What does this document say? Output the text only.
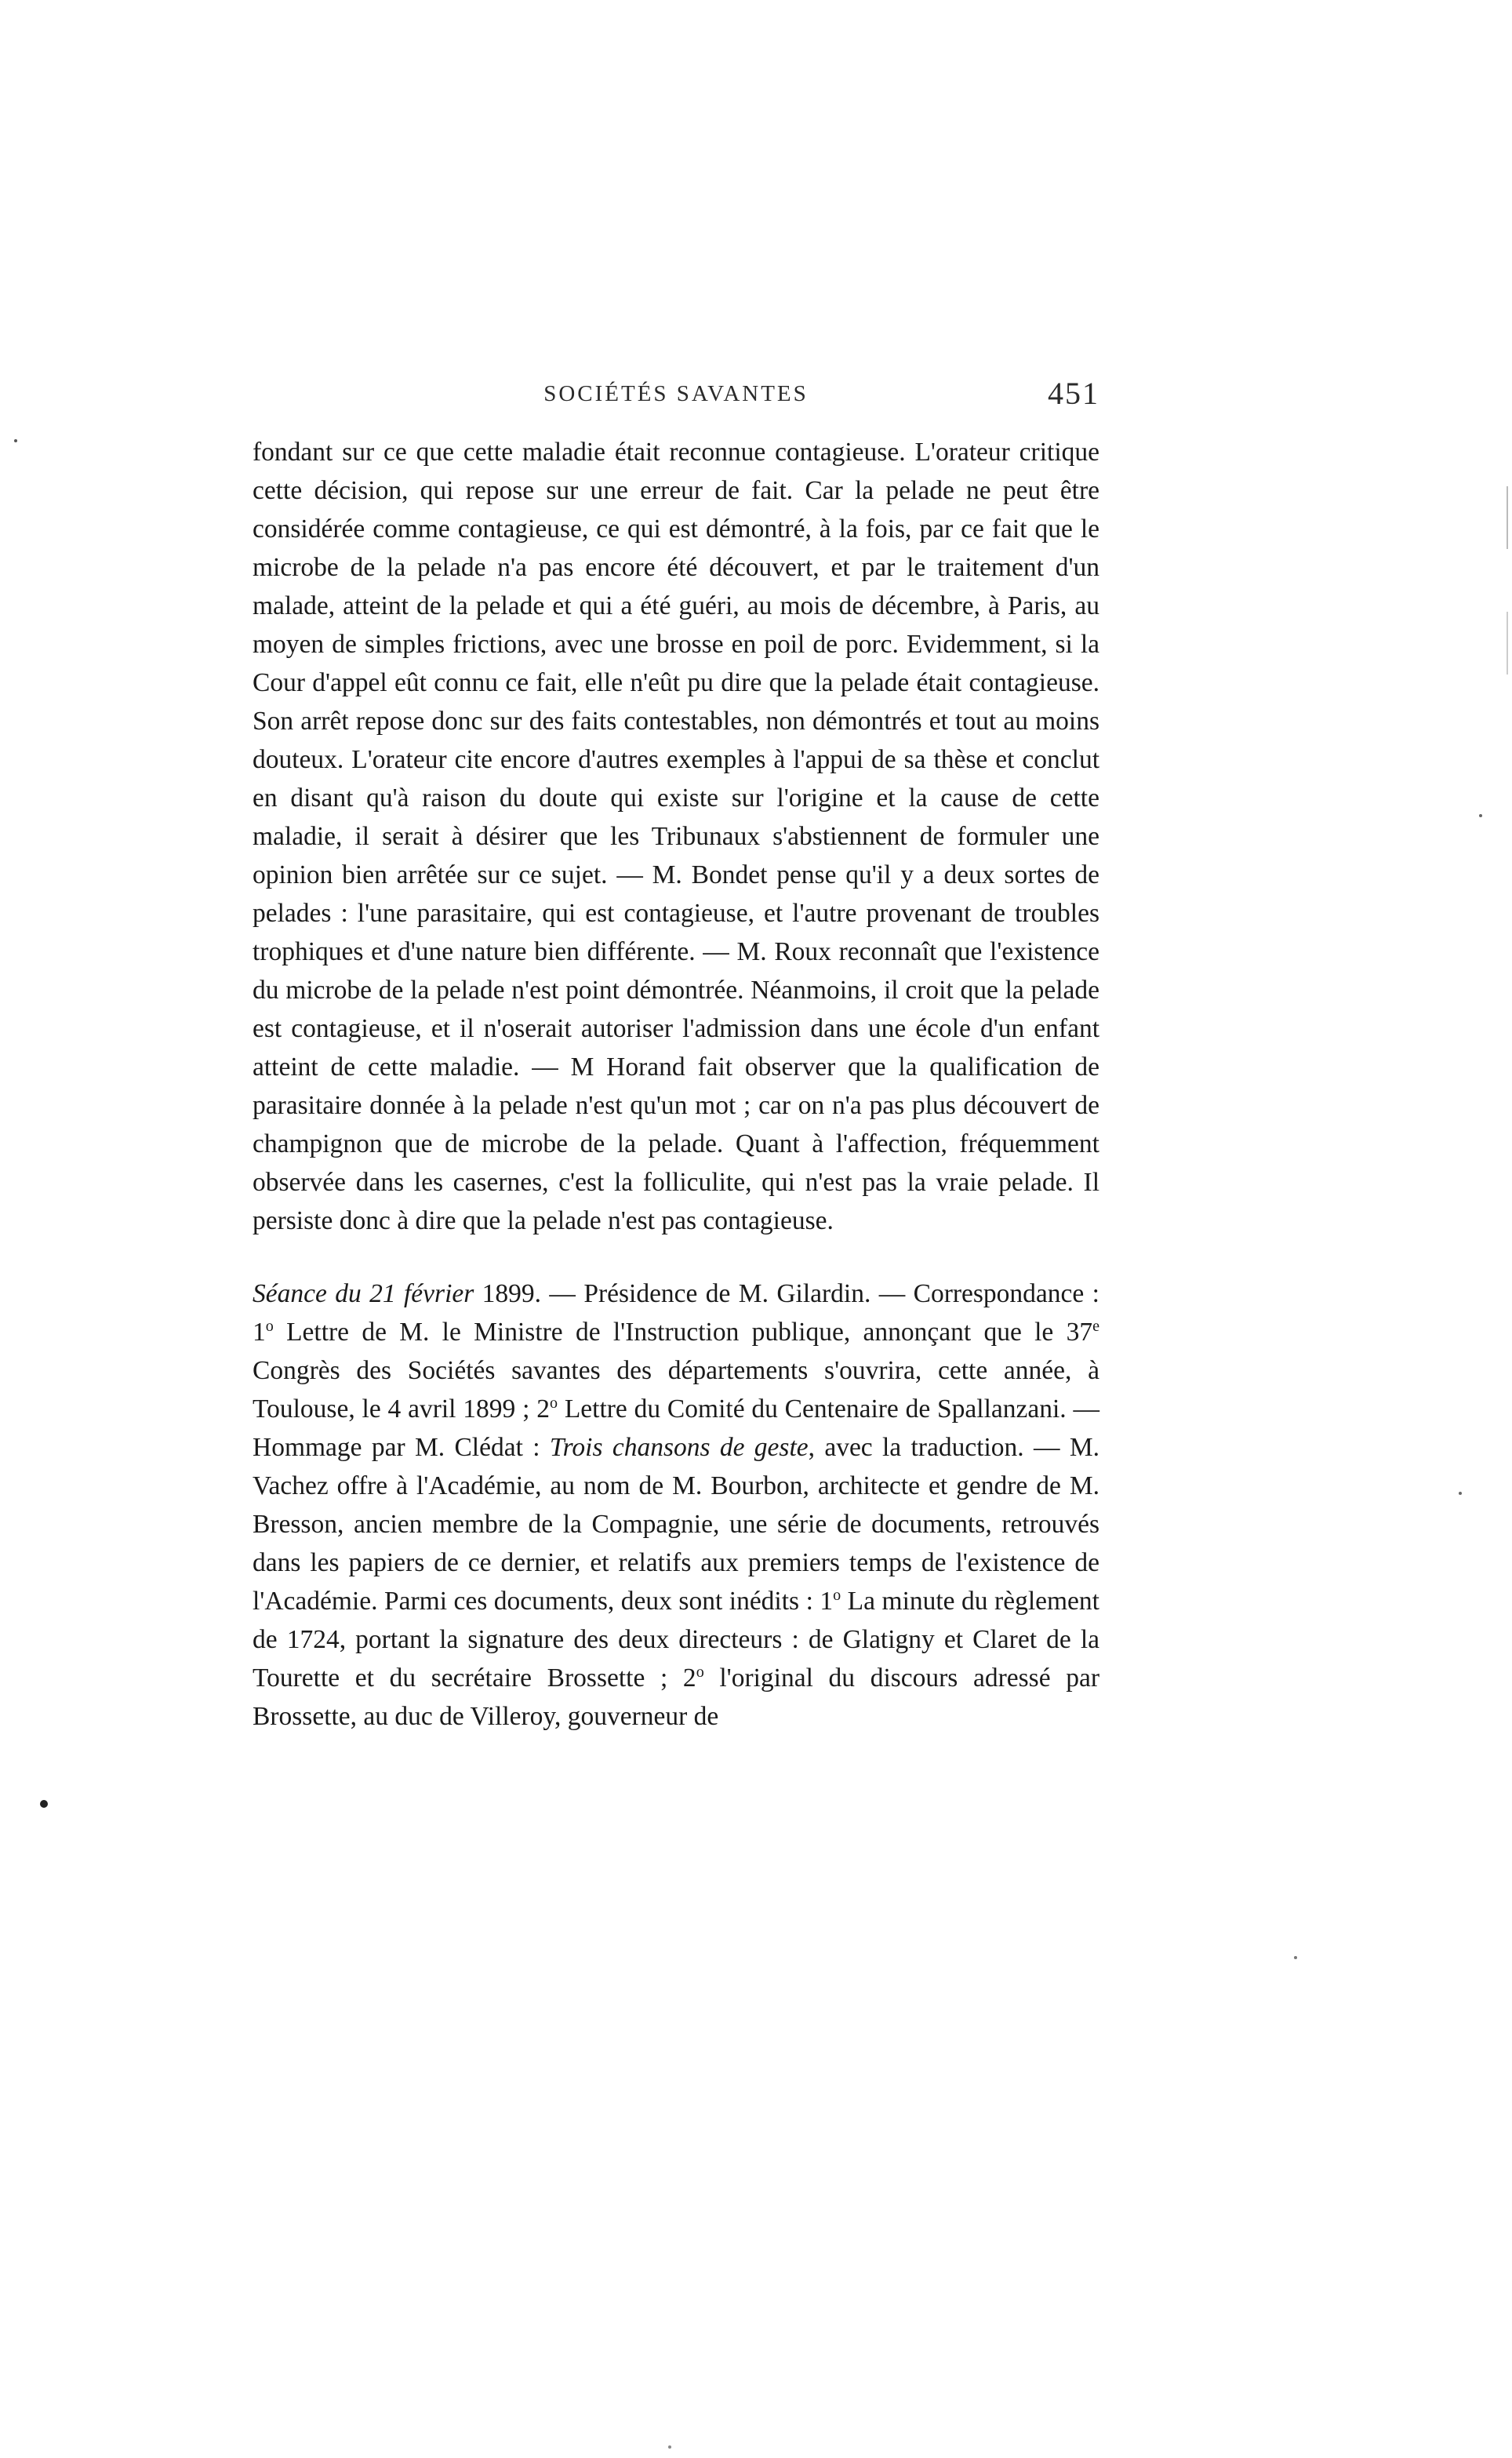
SOCIÉTÉS SAVANTES	451

fondant sur ce que cette maladie était reconnue contagieuse. L'orateur critique cette décision, qui repose sur une erreur de fait. Car la pelade ne peut être considérée comme contagieuse, ce qui est démontré, à la fois, par ce fait que le microbe de la pelade n'a pas encore été découvert, et par le traitement d'un malade, atteint de la pelade et qui a été guéri, au mois de décembre, à Paris, au moyen de simples frictions, avec une brosse en poil de porc. Evidemment, si la Cour d'appel eût connu ce fait, elle n'eût pu dire que la pelade était contagieuse. Son arrêt repose donc sur des faits contestables, non démontrés et tout au moins douteux. L'orateur cite encore d'autres exemples à l'appui de sa thèse et conclut en disant qu'à raison du doute qui existe sur l'origine et la cause de cette maladie, il serait à désirer que les Tribunaux s'abstiennent de formuler une opinion bien arrêtée sur ce sujet. — M. Bondet pense qu'il y a deux sortes de pelades : l'une parasitaire, qui est contagieuse, et l'autre provenant de troubles trophiques et d'une nature bien différente. — M. Roux reconnaît que l'existence du microbe de la pelade n'est point démontrée. Néanmoins, il croit que la pelade est contagieuse, et il n'oserait autoriser l'admission dans une école d'un enfant atteint de cette maladie. — M Horand fait observer que la qualification de parasitaire donnée à la pelade n'est qu'un mot ; car on n'a pas plus découvert de champignon que de microbe de la pelade. Quant à l'affection, fréquemment observée dans les casernes, c'est la folliculite, qui n'est pas la vraie pelade. Il persiste donc à dire que la pelade n'est pas contagieuse.

Séance du 21 février 1899. — Présidence de M. Gilardin. — Correspondance : 1$^o$ Lettre de M. le Ministre de l'Instruction publique, annonçant que le 37e Congrès des Sociétés savantes des départements s'ouvrira, cette année, à Toulouse, le 4 avril 1899 ; 2$^o$ Lettre du Comité du Centenaire de Spallanzani. — Hommage par M. Clédat : Trois chansons de geste, avec la traduction. — M. Vachez offre à l'Académie, au nom de M. Bourbon, architecte et gendre de M. Bresson, ancien membre de la Compagnie, une série de documents, retrouvés dans les papiers de ce dernier, et relatifs aux premiers temps de l'existence de l'Académie. Parmi ces documents, deux sont inédits : 1$^o$ La minute du règlement de 1724, portant la signature des deux directeurs : de Glatigny et Claret de la Tourette et du secrétaire Brossette ; 2$^o$ l'original du discours adressé par Brossette, au duc de Villeroy, gouverneur de
